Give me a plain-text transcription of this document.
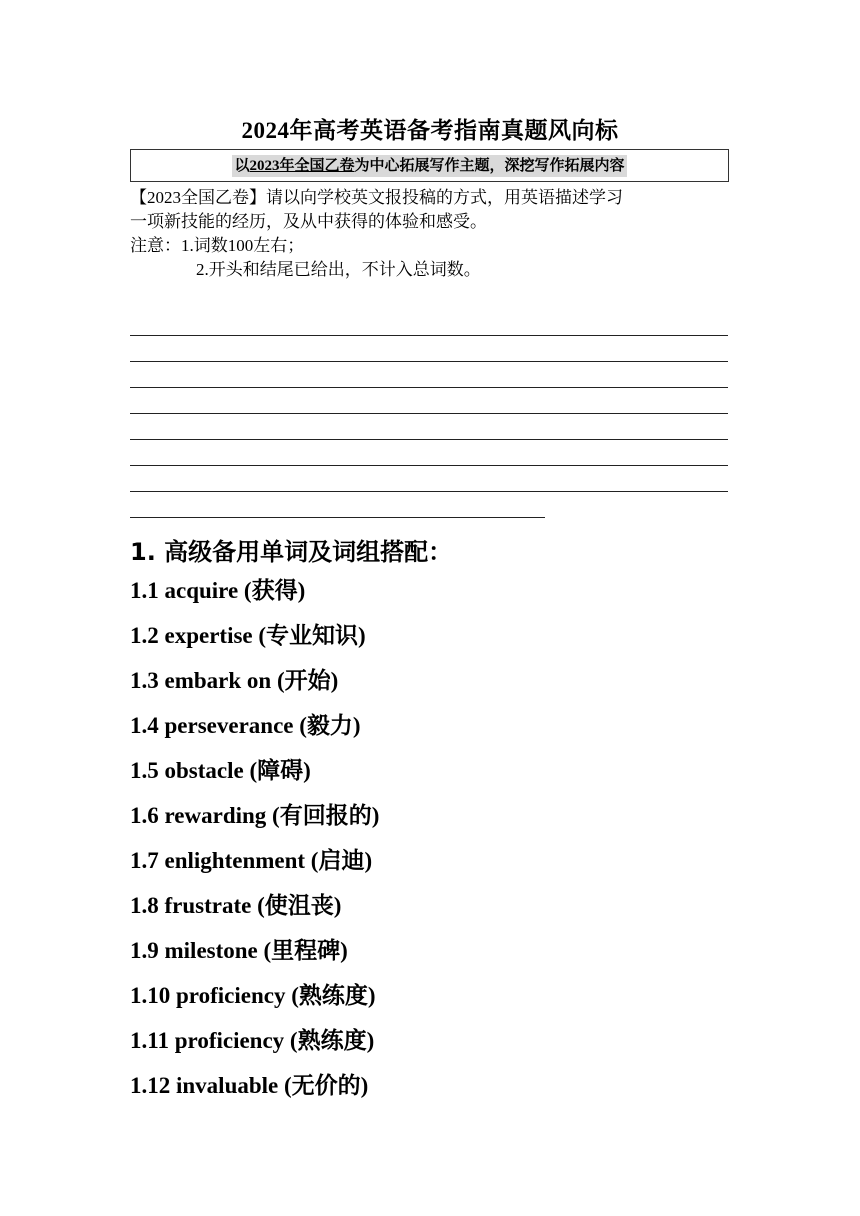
2024年高考英语备考指南真题风向标
以2023年全国乙卷为中心拓展写作主题，深挖写作拓展内容
【2023全国乙卷】请以向学校英文报投稿的方式，用英语描述学习
一项新技能的经历，及从中获得的体验和感受。
注意：1.词数100左右；
2.开头和结尾已给出，不计入总词数。
1. 高级备用单词及词组搭配：
1.1 acquire (获得)
1.2 expertise (专业知识)
1.3 embark on (开始)
1.4 perseverance (毅力)
1.5 obstacle (障碍)
1.6 rewarding (有回报的)
1.7 enlightenment (启迪)
1.8 frustrate (使沮丧)
1.9 milestone (里程碑)
1.10 proficiency (熟练度)
1.11 proficiency (熟练度)
1.12 invaluable (无价的)
